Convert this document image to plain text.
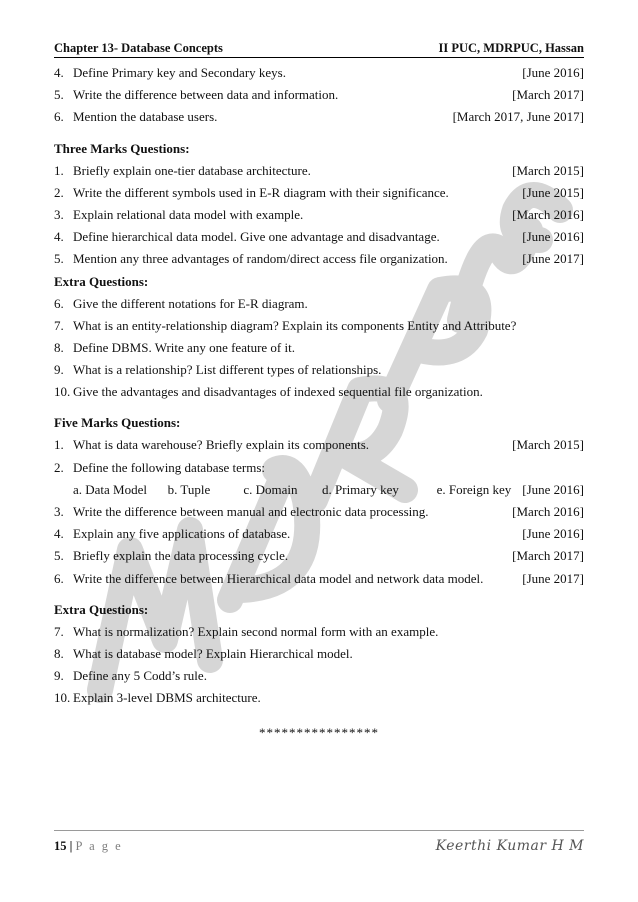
Chapter 13- Database Concepts	II PUC, MDRPUC, Hassan
4. Define Primary key and Secondary keys.	[June 2016]
5. Write the difference between data and information.	[March 2017]
6. Mention the database users.	[March 2017, June 2017]
Three Marks Questions:
1. Briefly explain one-tier database architecture.	[March 2015]
2. Write the different symbols used in E-R diagram with their significance.	[June 2015]
3. Explain relational data model with example.	[March 2016]
4. Define hierarchical data model. Give one advantage and disadvantage.	[June 2016]
5. Mention any three advantages of random/direct access file organization.	[June 2017]
Extra Questions:
6. Give the different notations for E-R diagram.
7. What is an entity-relationship diagram? Explain its components Entity and Attribute?
8. Define DBMS. Write any one feature of it.
9. What is a relationship? List different types of relationships.
10. Give the advantages and disadvantages of indexed sequential file organization.
Five Marks Questions:
1. What is data warehouse? Briefly explain its components.	[March 2015]
2. Define the following database terms:
a. Data Model	b. Tuple	c. Domain	d. Primary key	e. Foreign key [June 2016]
3. Write the difference between manual and electronic data processing.	[March 2016]
4. Explain any five applications of database.	[June 2016]
5. Briefly explain the data processing cycle.	[March 2017]
6. Write the difference between Hierarchical data model and network data model.	[June 2017]
Extra Questions:
7. What is normalization? Explain second normal form with an example.
8. What is database model? Explain Hierarchical model.
9. Define any 5 Codd’s rule.
10. Explain 3-level DBMS architecture.
****************
15 | P a g e	Keerthi Kumar H M
